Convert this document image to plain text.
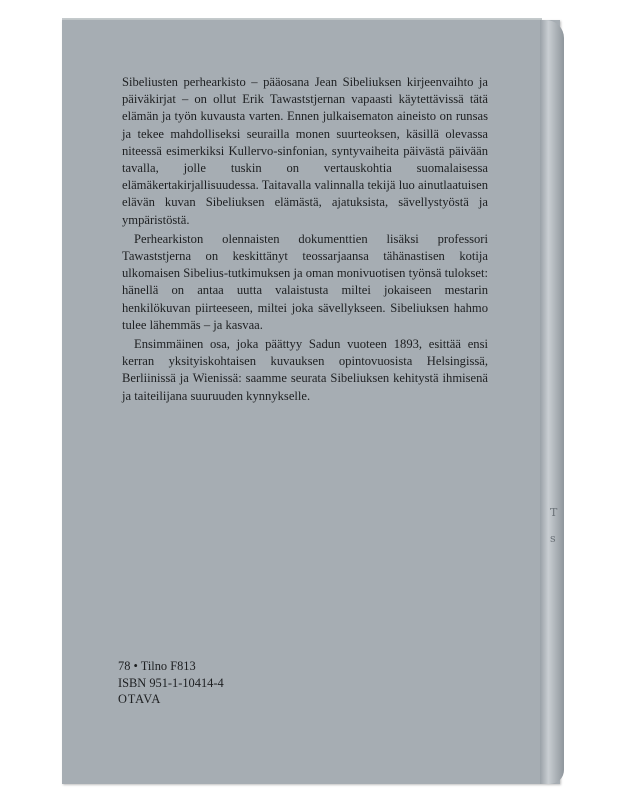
T
s

Sibeliusten perhearkisto – pääosana Jean Sibeliuksen kirjeenvaihto ja päiväkirjat – on ollut Erik Tawaststjernan vapaasti käytettävissä tätä elämän ja työn kuvausta varten. Ennen julkaisematon aineisto on runsas ja tekee mahdolliseksi seurailla monen suurteoksen, käsillä olevassa niteessä esimerkiksi Kullervo-sinfonian, syntyvaiheita päivästä päivään tavalla, jolle tuskin on vertauskohtia suomalaisessa elämäkertakirjallisuudessa. Taitavalla valinnalla tekijä luo ainutlaatuisen elävän kuvan Sibeliuksen elämästä, ajatuksista, sävellystyöstä ja ympäristöstä.

Perhearkiston olennaisten dokumenttien lisäksi professori Tawaststjerna on keskittänyt teossarjaansa tähänastisen kotija ulkomaisen Sibelius-tutkimuksen ja oman monivuotisen työnsä tulokset: hänellä on antaa uutta valaistusta miltei jokaiseen mestarin henkilökuvan piirteeseen, miltei joka sävellykseen. Sibeliuksen hahmo tulee lähemmäs – ja kasvaa.

Ensimmäinen osa, joka päättyy Sadun vuoteen 1893, esittää ensi kerran yksityiskohtaisen kuvauksen opintovuosista Helsingissä, Berliinissä ja Wienissä: saamme seurata Sibeliuksen kehitystä ihmisenä ja taiteilijana suuruuden kynnykselle.

78 • Tilno F813
ISBN 951-1-10414-4
OTAVA
